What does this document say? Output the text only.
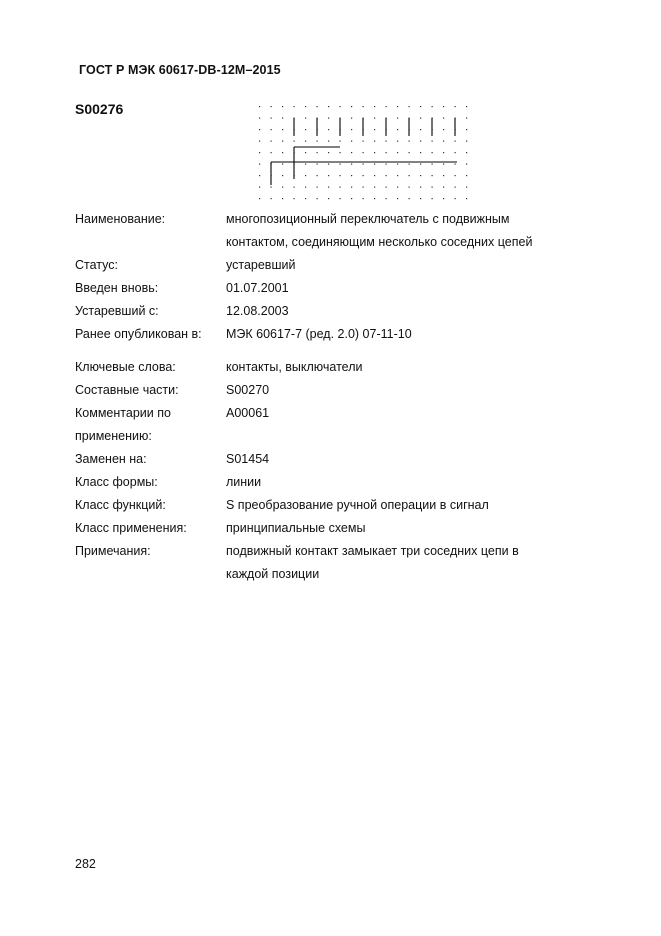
ГОСТ Р МЭК 60617-DB-12M–2015
S00276
Наименование:	многопозиционный переключатель с подвижным
контактом, соединяющим несколько соседних цепей
Статус:	устаревший
Введен вновь:	01.07.2001
Устаревший с:	12.08.2003
Ранее опубликован в:	МЭК 60617-7 (ред. 2.0) 07-11-10
Ключевые слова:	контакты, выключатели
Составные части:	S00270
Комментарии по	A00061
применению:
Заменен на:	S01454
Класс формы:	линии
Класс функций:	S преобразование ручной операции в сигнал
Класс применения:	принципиальные схемы
Примечания:	подвижный контакт замыкает три соседних цепи в
каждой позиции
282
